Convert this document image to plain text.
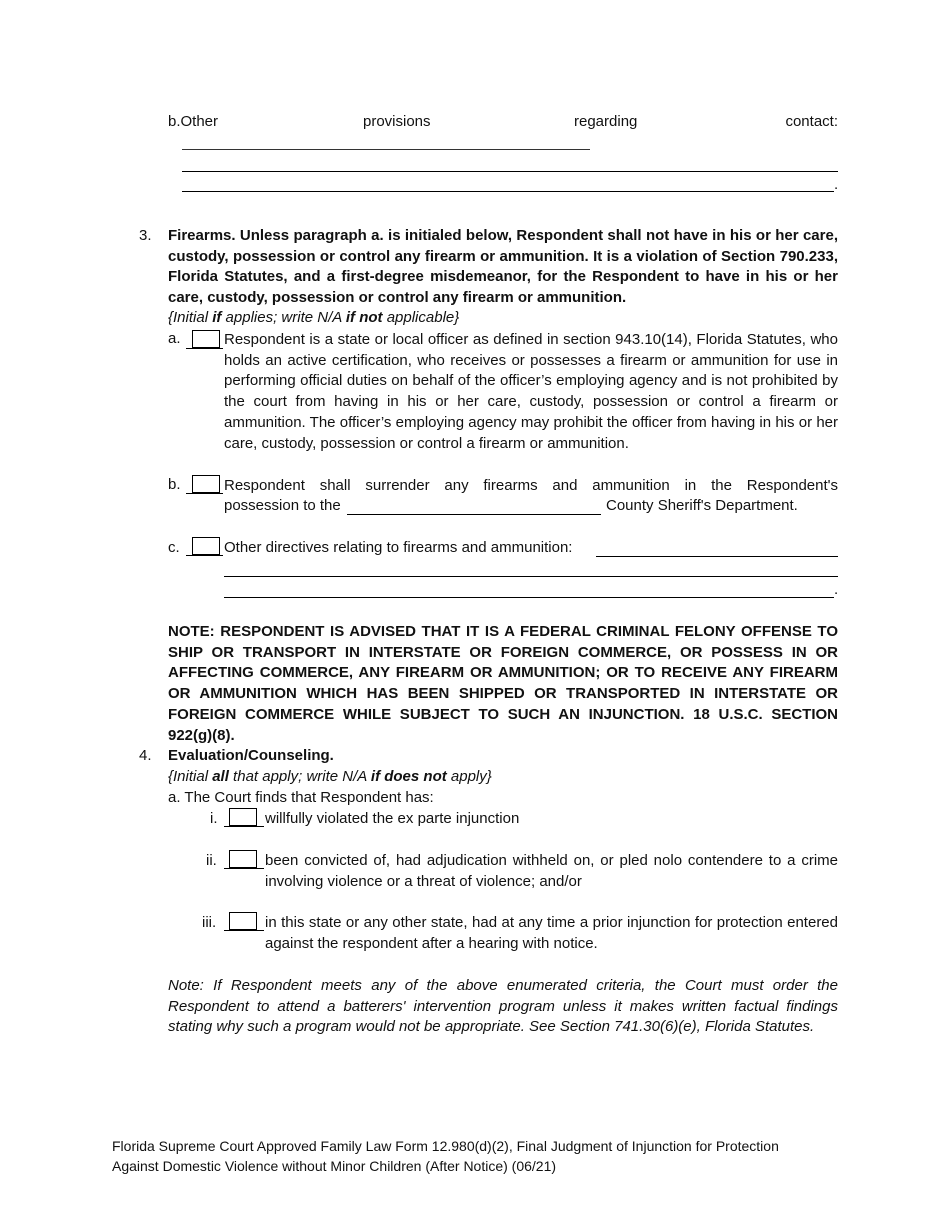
b.Other	provisions	regarding	contact:
.
3. Firearms. Unless paragraph a. is initialed below, Respondent shall not have in his or her care, custody, possession or control any firearm or ammunition. It is a violation of Section 790.233, Florida Statutes, and a first-degree misdemeanor, for the Respondent to have in his or her care, custody, possession or control any firearm or ammunition.
{Initial if applies; write N/A if not applicable}
a.	Respondent is a state or local officer as defined in section 943.10(14), Florida Statutes, who holds an active certification, who receives or possesses a firearm or ammunition for use in performing official duties on behalf of the officer’s employing agency and is not prohibited by the court from having in his or her care, custody, possession or control a firearm or ammunition. The officer’s employing agency may prohibit the officer from having in his or her care, custody, possession or control a firearm or ammunition.
b.	Respondent shall surrender any firearms and ammunition in the Respondent's
possession to the	County Sheriff's Department.
c.	Other directives relating to firearms and ammunition:
.
NOTE: RESPONDENT IS ADVISED THAT IT IS A FEDERAL CRIMINAL FELONY OFFENSE TO SHIP OR TRANSPORT IN INTERSTATE OR FOREIGN COMMERCE, OR POSSESS IN OR AFFECTING COMMERCE, ANY FIREARM OR AMMUNITION; OR TO RECEIVE ANY FIREARM OR AMMUNITION WHICH HAS BEEN SHIPPED OR TRANSPORTED IN INTERSTATE OR FOREIGN COMMERCE WHILE SUBJECT TO SUCH AN INJUNCTION. 18 U.S.C. SECTION 922(g)(8).
4. Evaluation/Counseling.
{Initial all that apply; write N/A if does not apply}
a. The Court finds that Respondent has:
i.	willfully violated the ex parte injunction
ii.	been convicted of, had adjudication withheld on, or pled nolo contendere to a crime involving violence or a threat of violence; and/or
iii.	in this state or any other state, had at any time a prior injunction for protection entered against the respondent after a hearing with notice.
Note: If Respondent meets any of the above enumerated criteria, the Court must order the Respondent to attend a batterers' intervention program unless it makes written factual findings stating why such a program would not be appropriate. See Section 741.30(6)(e), Florida Statutes.
Florida Supreme Court Approved Family Law Form 12.980(d)(2), Final Judgment of Injunction for Protection
Against Domestic Violence without Minor Children (After Notice) (06/21)
